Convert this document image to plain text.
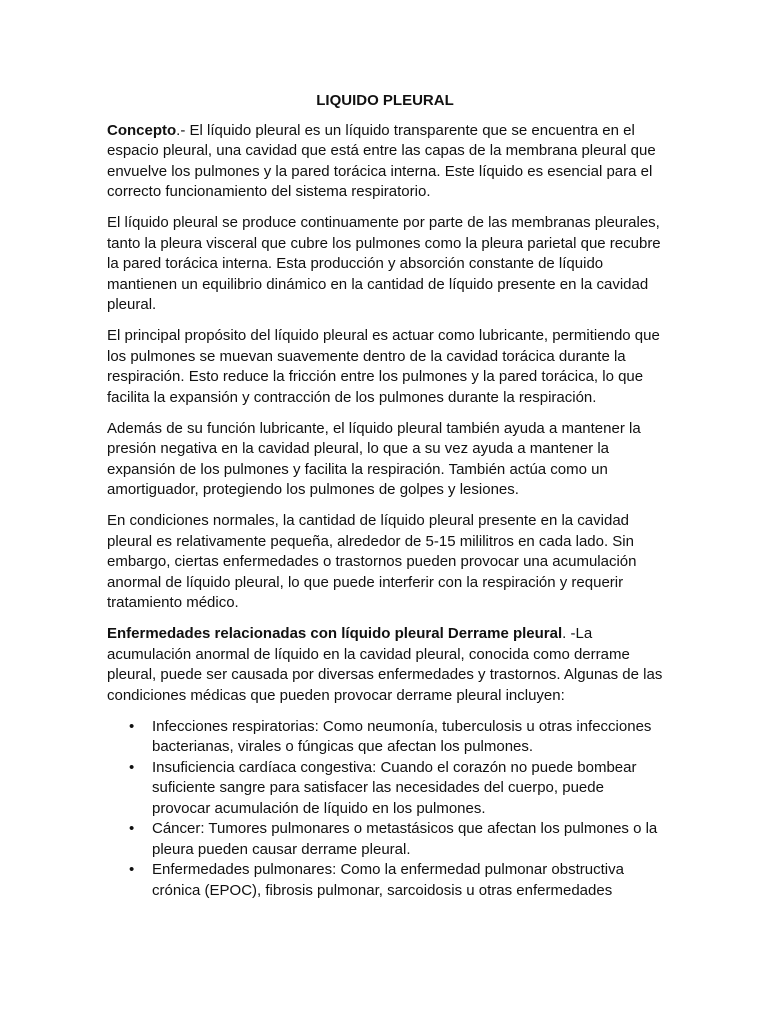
LIQUIDO PLEURAL

Concepto.- El líquido pleural es un líquido transparente que se encuentra en el espacio pleural, una cavidad que está entre las capas de la membrana pleural que envuelve los pulmones y la pared torácica interna. Este líquido es esencial para el correcto funcionamiento del sistema respiratorio.

El líquido pleural se produce continuamente por parte de las membranas pleurales, tanto la pleura visceral que cubre los pulmones como la pleura parietal que recubre la pared torácica interna. Esta producción y absorción constante de líquido mantienen un equilibrio dinámico en la cantidad de líquido presente en la cavidad pleural.

El principal propósito del líquido pleural es actuar como lubricante, permitiendo que los pulmones se muevan suavemente dentro de la cavidad torácica durante la respiración. Esto reduce la fricción entre los pulmones y la pared torácica, lo que facilita la expansión y contracción de los pulmones durante la respiración.

Además de su función lubricante, el líquido pleural también ayuda a mantener la presión negativa en la cavidad pleural, lo que a su vez ayuda a mantener la expansión de los pulmones y facilita la respiración. También actúa como un amortiguador, protegiendo los pulmones de golpes y lesiones.

En condiciones normales, la cantidad de líquido pleural presente en la cavidad pleural es relativamente pequeña, alrededor de 5-15 mililitros en cada lado. Sin embargo, ciertas enfermedades o trastornos pueden provocar una acumulación anormal de líquido pleural, lo que puede interferir con la respiración y requerir tratamiento médico.

Enfermedades relacionadas con líquido pleural Derrame pleural. -La acumulación anormal de líquido en la cavidad pleural, conocida como derrame pleural, puede ser causada por diversas enfermedades y trastornos. Algunas de las condiciones médicas que pueden provocar derrame pleural incluyen:

• Infecciones respiratorias: Como neumonía, tuberculosis u otras infecciones bacterianas, virales o fúngicas que afectan los pulmones.
• Insuficiencia cardíaca congestiva: Cuando el corazón no puede bombear suficiente sangre para satisfacer las necesidades del cuerpo, puede provocar acumulación de líquido en los pulmones.
• Cáncer: Tumores pulmonares o metastásicos que afectan los pulmones o la pleura pueden causar derrame pleural.
• Enfermedades pulmonares: Como la enfermedad pulmonar obstructiva crónica (EPOC), fibrosis pulmonar, sarcoidosis u otras enfermedades
